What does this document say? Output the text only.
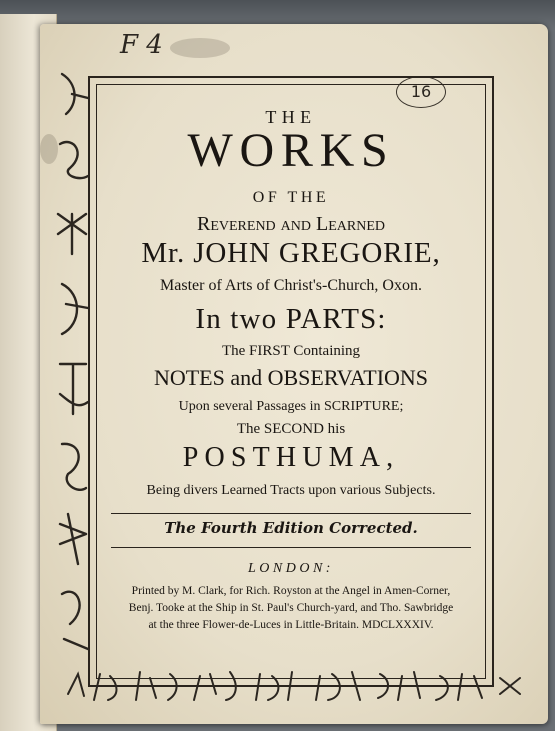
F 4
16
THE
WORKS
OF THE
Reverend and Learned
Mr. JOHN GREGORIE,
Master of Arts of Christ's-Church, Oxon.
In two PARTS:
The FIRST Containing
NOTES and OBSERVATIONS
Upon several Passages in SCRIPTURE;
The SECOND his
POSTHUMA,
Being divers Learned Tracts upon various Subjects.
The Fourth Edition Corrected.
LONDON:
Printed by M. Clark, for Rich. Royston at the Angel in Amen-Corner,
Benj. Tooke at the Ship in St. Paul's Church-yard, and Tho. Sawbridge
at the three Flower-de-Luces in Little-Britain. MDCLXXXIV.
